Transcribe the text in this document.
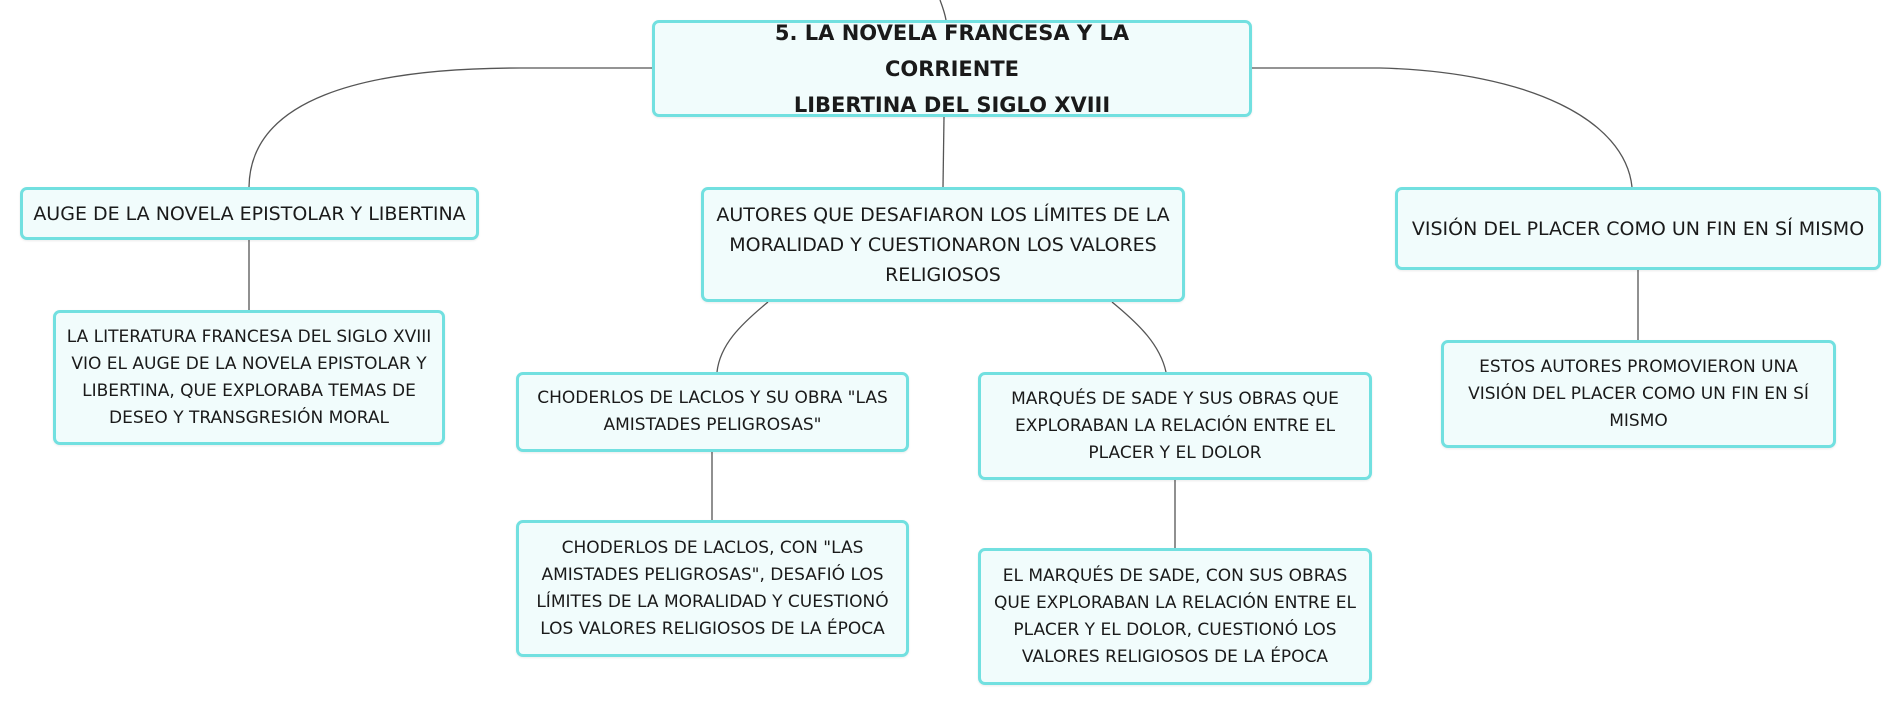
5. LA NOVELA FRANCESA Y LA CORRIENTE
LIBERTINA DEL SIGLO XVIII
AUGE DE LA NOVELA EPISTOLAR Y LIBERTINA	AUTORES QUE DESAFIARON LOS LÍMITES DE LA MORALIDAD Y CUESTIONARON LOS VALORES RELIGIOSOS
VISIÓN DEL PLACER COMO UN FIN EN SÍ MISMO
LA LITERATURA FRANCESA DEL SIGLO XVIII VIO EL AUGE DE LA NOVELA EPISTOLAR Y LIBERTINA, QUE EXPLORABA TEMAS DE DESEO Y TRANSGRESIÓN MORAL
CHODERLOS DE LACLOS Y SU OBRA "LAS AMISTADES PELIGROSAS"
MARQUÉS DE SADE Y SUS OBRAS QUE EXPLORABAN LA RELACIÓN ENTRE EL PLACER Y EL DOLOR
ESTOS AUTORES PROMOVIERON UNA VISIÓN DEL PLACER COMO UN FIN EN SÍ MISMO
CHODERLOS DE LACLOS, CON "LAS AMISTADES PELIGROSAS", DESAFIÓ LOS LÍMITES DE LA MORALIDAD Y CUESTIONÓ LOS VALORES RELIGIOSOS DE LA ÉPOCA
EL MARQUÉS DE SADE, CON SUS OBRAS QUE EXPLORABAN LA RELACIÓN ENTRE EL PLACER Y EL DOLOR, CUESTIONÓ LOS VALORES RELIGIOSOS DE LA ÉPOCA
